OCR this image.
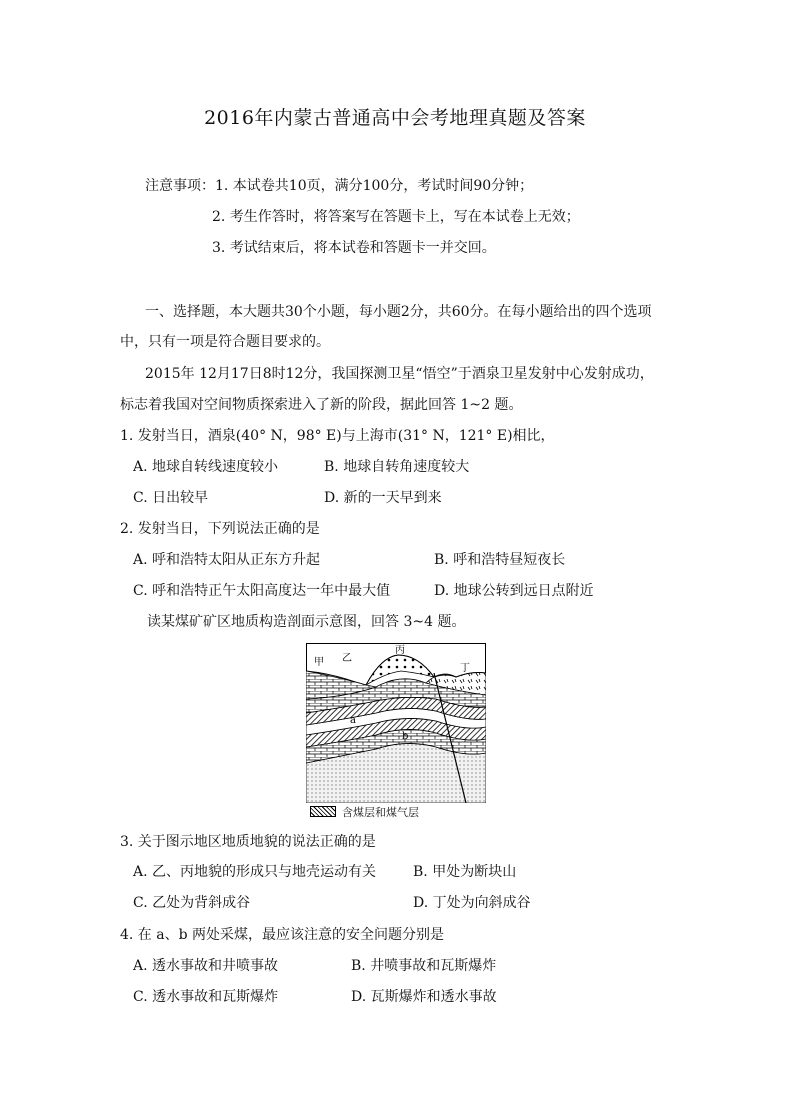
2016年内蒙古普通高中会考地理真题及答案
注意事项：1. 本试卷共10页，满分100分，考试时间90分钟；
2. 考生作答时，将答案写在答题卡上，写在本试卷上无效；
3. 考试结束后，将本试卷和答题卡一并交回。
一、选择题，本大题共30个小题，每小题2分，共60分。在每小题给出的四个选项
中，只有一项是符合题目要求的。
2015年 12月17日8时12分，我国探测卫星“悟空”于酒泉卫星发射中心发射成功，
标志着我国对空间物质探索进入了新的阶段，据此回答 1~2 题。
1. 发射当日，酒泉(40° N，98° E)与上海市(31° N，121° E)相比，
A. 地球自转线速度较小	B. 地球自转角速度较大
C. 日出较早	D. 新的一天早到来
2. 发射当日，下列说法正确的是
A. 呼和浩特太阳从正东方升起	B. 呼和浩特昼短夜长
C. 呼和浩特正午太阳高度达一年中最大值	D. 地球公转到远日点附近
读某煤矿矿区地质构造剖面示意图，回答 3~4 题。
甲 乙
丙
丁
a
b
含煤层和煤气层
3. 关于图示地区地质地貌的说法正确的是
A. 乙、丙地貌的形成只与地壳运动有关	B. 甲处为断块山
C. 乙处为背斜成谷	D. 丁处为向斜成谷
4. 在 a、b 两处采煤，最应该注意的安全问题分别是
A. 透水事故和井喷事故	B. 井喷事故和瓦斯爆炸
C. 透水事故和瓦斯爆炸	D. 瓦斯爆炸和透水事故
